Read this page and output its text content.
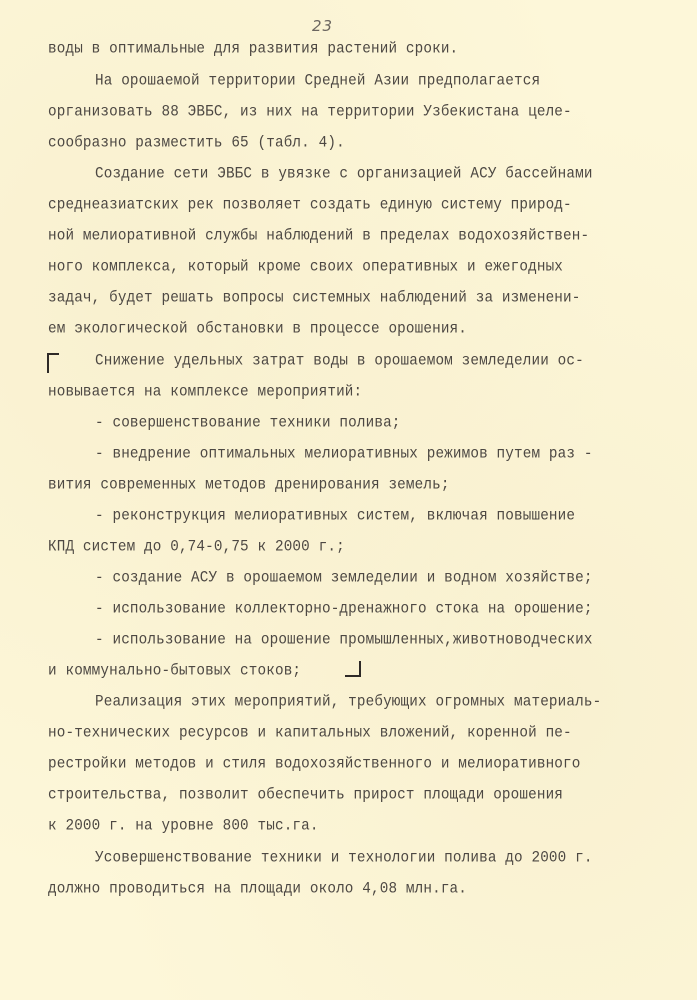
23
воды в оптимальные для развития растений сроки.
На орошаемой территории Средней Азии предполагается
организовать 88 ЭВБС, из них на территории Узбекистана целе-
сообразно разместить 65 (табл. 4).
Создание сети ЭВБС в увязке с организацией АСУ бассейнами
среднеазиатских рек позволяет создать единую систему природ-
ной мелиоративной службы наблюдений в пределах водохозяйствен-
ного комплекса, который кроме своих оперативных и ежегодных
задач, будет решать вопросы системных наблюдений за изменени-
ем экологической обстановки в процессе орошения.
Снижение удельных затрат воды в орошаемом земледелии ос-
новывается на комплексе мероприятий:
- совершенствование техники полива;
- внедрение оптимальных мелиоративных режимов путем раз -
вития современных методов дренирования земель;
- реконструкция мелиоративных систем, включая повышение
КПД систем до 0,74-0,75 к 2000 г.;
- создание АСУ в орошаемом земледелии и водном хозяйстве;
- использование коллекторно-дренажного стока на орошение;
- использование на орошение промышленных,животноводческих
и коммунально-бытовых стоков;
Реализация этих мероприятий, требующих огромных материаль-
но-технических ресурсов и капитальных вложений, коренной пе-
рестройки методов и стиля водохозяйственного и мелиоративного
строительства, позволит обеспечить прирост площади орошения
к 2000 г. на уровне 800 тыс.га.
Усовершенствование техники и технологии полива до 2000 г.
должно проводиться на площади около 4,08 млн.га.
